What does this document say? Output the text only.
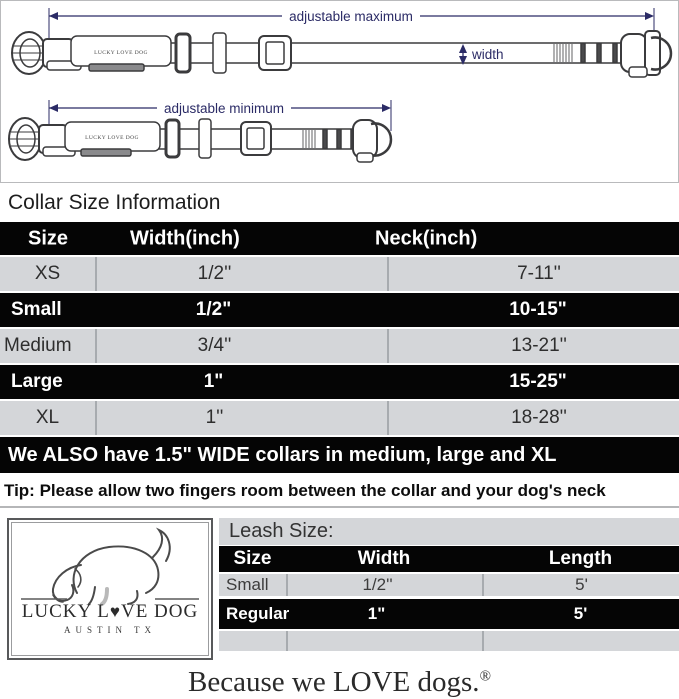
adjustable maximum
LUCKY LOVE DOG	width
adjustable minimum
LUCKY LOVE DOG
Collar Size Information
Size	Width(inch)	Neck(inch)
XS	1/2''	7-11''
Small	1/2"	10-15"
Medium	3/4''	13-21''
Large	1"	15-25"
XL	1''	18-28''
We ALSO have 1.5" WIDE collars in medium, large and XL
Tip: Please allow two fingers room between the collar and your dog's neck
LUCKY L♥VE DOG
AUSTIN TX
Leash Size:
Size	Width	Length
Small	1/2''	5'
Regular	1"	5'
Because we LOVE dogs.®
